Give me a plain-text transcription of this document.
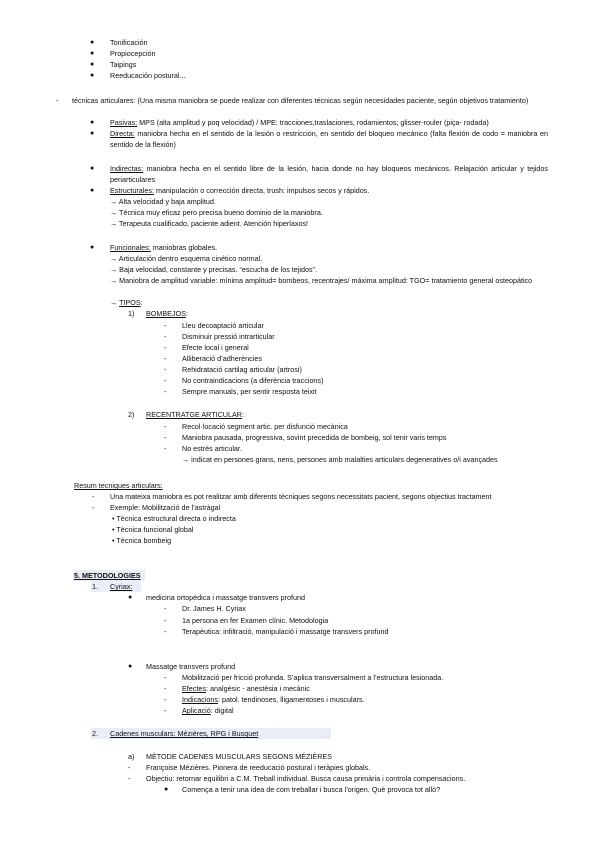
● Tonificación
● Propiocepción
● Taipings
● Reeducación postural...
- técnicas articulares: (Una misma maniobra se puede realizar con diferentes técnicas según necesidades paciente, según objetivos tratamiento)
● Pasivas: MPS (alta amplitud y poq velocidad) / MPE: tracciones,traslaciones, rodamientos; glisser-rouler (piça- rodada)
● Directa: maniobra hecha en el sentido de la lesión o restricción, en sentido del bloqueo mecánico (falta flexión de codo = maniobra en sentido de la flexión)
● Indirectas: maniobra hecha en el sentido libre de la lesión, hacia donde no hay bloqueos mecánicos. Relajación articular y tejidos periarticulares
● Estructurales: manipulación o corrección directa, trush: impulsos secos y rápidos.
→ Alta velocidad y baja amplitud.
→ Técnica muy eficaz pero precisa bueno dominio de la maniobra.
→ Terapeuta cualificado, paciente adient. Atención hiperlaxos!
● Funcionales: maniobras globales.
→ Articulación dentro esquema cinético normal.
→ Baja velocidad, constante y precisas. “escucha de los tejidos”.
→ Maniobra de amplitud variable: mínima amplitud= bombeos, recentrajes/ máxima amplitud: TGO= tratamiento general osteopático
→ TIPOS:
1) BOMBEJOS:
- Lleu decoaptació articular
- Disminuir pressió intrarticular
- Efecte local i general
- Alliberació d’adherències
- Rehidratació cartilag articular (artrosi)
- No contraindicacions (a diferència traccions)
- Sempre manuals, per sentir resposta teixit
2) RECENTRATGE ARTICULAR:
- Recol·locació segment artic. per disfunció mecànica
- Maniobra pausada, progressiva, sovint precedida de bombeig, sol tenir varis temps
- No estrès articular.
→ indicat en persones grans, nens, persones amb malalties articulars degeneratives o/i avançades
Resum tecniques articulars:
- Una mateixa maniobra es pot realitzar amb diferents tècniques segons necessitats pacient, segons objectius tractament
- Exemple: Mobilització de l’astràgal
• Tècnica estructural directa o indirecta
• Tècnica funcional global
• Tècnica bombeig
5. METODOLOGIES
1. Cyriax:
● medicina ortopèdica i massatge transvers profund
- Dr. James H. Cyriax
- 1a persona en fer Examen clínic. Metodologia
- Terapèutica: infiltració, manipulació i massatge transvers profund
● Massatge transvers profund
- Mobilització per fricció profunda. S’aplica transversalment a l’estructura lesionada.
- Efectes: analgèsic - anestèsia i mecànic
- Indicacions: patol. tendinoses, lligamentoses i musculars.
- Aplicació: digital
2. Cadenes musculars: Mézières, RPG i Busquet
a) MÈTODE CADENES MUSCULARS SEGONS MÉZIÈRES
- Françoise Mézières. Pionera de reeducació postural i teràpies globals.
- Objectiu: retornar equilibri a C.M. Treball individual. Busca causa primària i controla compensacions.
● Comença a tenir una idea de com treballar i busca l’origen. Què provoca tot allò?
